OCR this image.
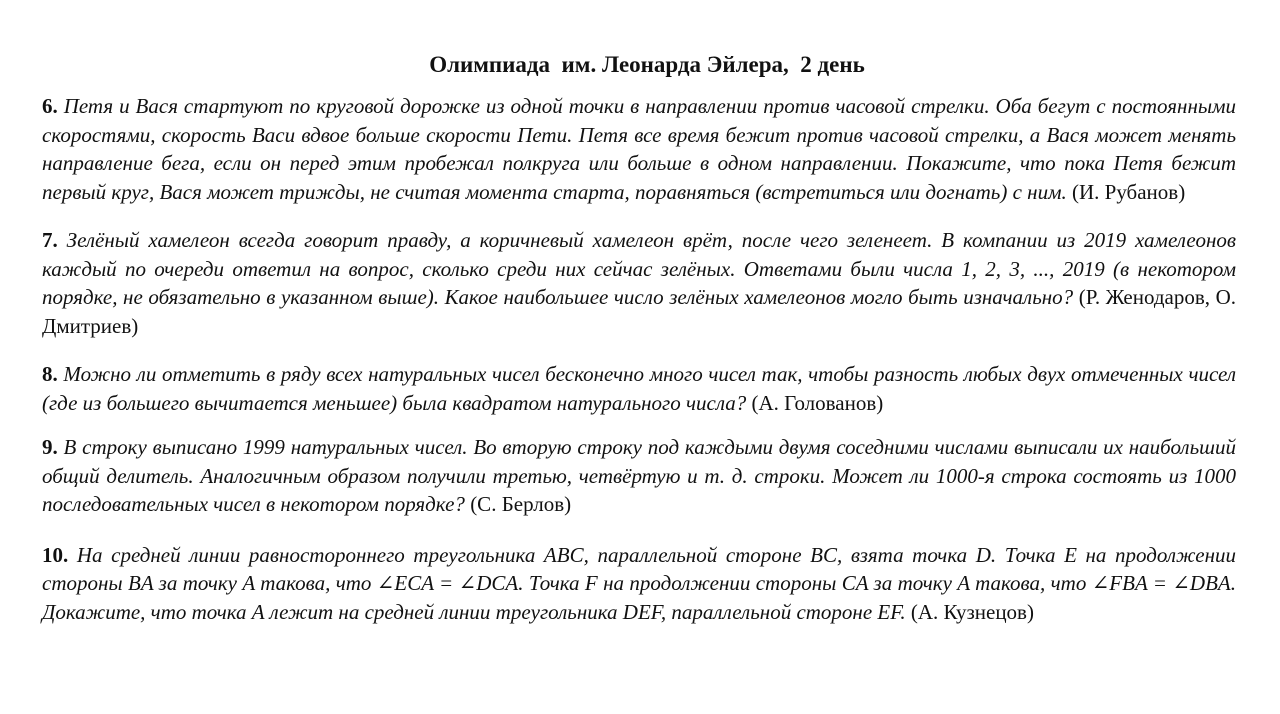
Олимпиада  им. Леонарда Эйлера,  2 день

6. Петя и Вася стартуют по круговой дорожке из одной точки в направлении против часовой стрелки. Оба бегут с постоянными скоростями, скорость Васи вдвое больше скорости Пети. Петя все время бежит против часовой стрелки, а Вася может менять направление бега, если он перед этим пробежал полкруга или больше в одном направлении. Покажите, что пока Петя бежит первый круг, Вася может трижды, не считая момента старта, поравняться (встретиться или догнать) с ним. (И. Рубанов)

7. Зелёный хамелеон всегда говорит правду, а коричневый хамелеон врёт, после чего зеленеет. В компании из 2019 хамелеонов каждый по очереди ответил на вопрос, сколько среди них сейчас зелёных. Ответами были числа 1, 2, 3, ..., 2019 (в некотором порядке, не обязательно в указанном выше). Какое наибольшее число зелёных хамелеонов могло быть изначально? (Р. Женодаров, О. Дмитриев)

8. Можно ли отметить в ряду всех натуральных чисел бесконечно много чисел так, чтобы разность любых двух отмеченных чисел (где из большего вычитается меньшее) была квадратом натурального числа? (А. Голованов)

9. В строку выписано 1999 натуральных чисел. Во вторую строку под каждыми двумя соседними числами выписали их наибольший общий делитель. Аналогичным образом получили третью, четвёртую и т. д. строки. Может ли 1000-я строка состоять из 1000 последовательных чисел в некотором порядке? (С. Берлов)

10. На средней линии равностороннего треугольника ABC, параллельной стороне BC, взята точка D. Точка E на продолжении стороны BA за точку A такова, что ∠ECA = ∠DCA. Точка F на продолжении стороны CA за точку A такова, что ∠FBA = ∠DBA. Докажите, что точка A лежит на средней линии треугольника DEF, параллельной стороне EF. (А. Кузнецов)
